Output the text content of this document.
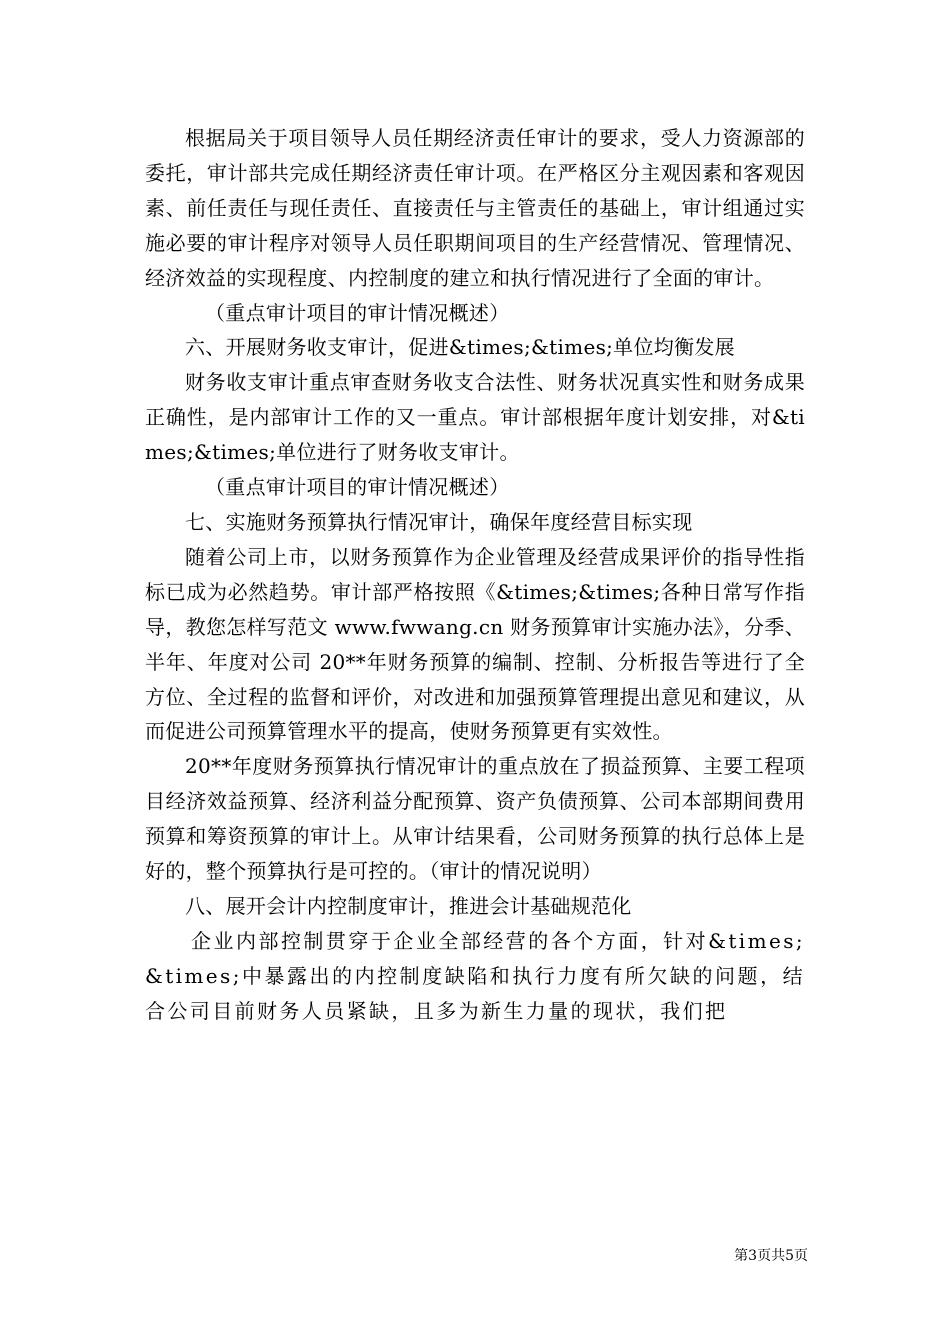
根据局关于项目领导人员任期经济责任审计的要求，受人力资源部的委托，审计部共完成任期经济责任审计项。在严格区分主观因素和客观因素、前任责任与现任责任、直接责任与主管责任的基础上，审计组通过实施必要的审计程序对领导人员任职期间项目的生产经营情况、管理情况、经济效益的实现程度、内控制度的建立和执行情况进行了全面的审计。

（重点审计项目的审计情况概述）

六、开展财务收支审计，促进&times;&times;单位均衡发展

财务收支审计重点审查财务收支合法性、财务状况真实性和财务成果正确性，是内部审计工作的又一重点。审计部根据年度计划安排，对&times;&times;单位进行了财务收支审计。

（重点审计项目的审计情况概述）

七、实施财务预算执行情况审计，确保年度经营目标实现

随着公司上市，以财务预算作为企业管理及经营成果评价的指导性指标已成为必然趋势。审计部严格按照《&times;&times;各种日常写作指导，教您怎样写范文 www.fwwang.cn 财务预算审计实施办法》，分季、半年、年度对公司 20**年财务预算的编制、控制、分析报告等进行了全方位、全过程的监督和评价，对改进和加强预算管理提出意见和建议，从而促进公司预算管理水平的提高，使财务预算更有实效性。

20**年度财务预算执行情况审计的重点放在了损益预算、主要工程项目经济效益预算、经济利益分配预算、资产负债预算、公司本部期间费用预算和筹资预算的审计上。从审计结果看，公司财务预算的执行总体上是好的，整个预算执行是可控的。（审计的情况说明）

八、展开会计内控制度审计，推进会计基础规范化

企业内部控制贯穿于企业全部经营的各个方面，针对&times;&times;中暴露出的内控制度缺陷和执行力度有所欠缺的问题，结合公司目前财务人员紧缺，且多为新生力量的现状，我们把

第3页共5页
